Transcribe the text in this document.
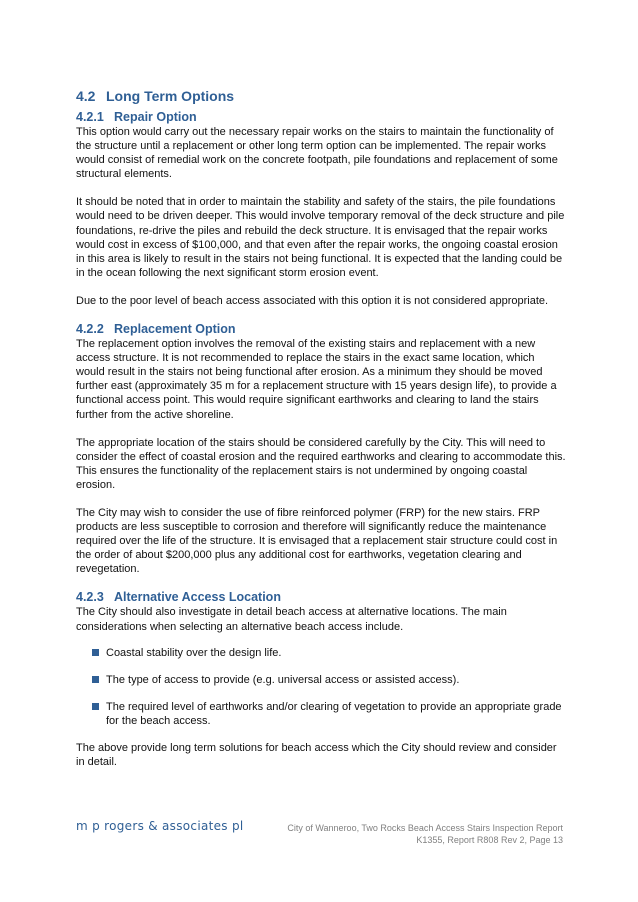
4.2 Long Term Options
4.2.1 Repair Option

This option would carry out the necessary repair works on the stairs to maintain the functionality of the structure until a replacement or other long term option can be implemented. The repair works would consist of remedial work on the concrete footpath, pile foundations and replacement of some structural elements.

It should be noted that in order to maintain the stability and safety of the stairs, the pile foundations would need to be driven deeper. This would involve temporary removal of the deck structure and pile foundations, re-drive the piles and rebuild the deck structure. It is envisaged that the repair works would cost in excess of $100,000, and that even after the repair works, the ongoing coastal erosion in this area is likely to result in the stairs not being functional. It is expected that the landing could be in the ocean following the next significant storm erosion event.

Due to the poor level of beach access associated with this option it is not considered appropriate.

4.2.2 Replacement Option

The replacement option involves the removal of the existing stairs and replacement with a new access structure. It is not recommended to replace the stairs in the exact same location, which would result in the stairs not being functional after erosion. As a minimum they should be moved further east (approximately 35 m for a replacement structure with 15 years design life), to provide a functional access point. This would require significant earthworks and clearing to land the stairs further from the active shoreline.

The appropriate location of the stairs should be considered carefully by the City. This will need to consider the effect of coastal erosion and the required earthworks and clearing to accommodate this. This ensures the functionality of the replacement stairs is not undermined by ongoing coastal erosion.

The City may wish to consider the use of fibre reinforced polymer (FRP) for the new stairs. FRP products are less susceptible to corrosion and therefore will significantly reduce the maintenance required over the life of the structure. It is envisaged that a replacement stair structure could cost in the order of about $200,000 plus any additional cost for earthworks, vegetation clearing and revegetation.

4.2.3 Alternative Access Location

The City should also investigate in detail beach access at alternative locations. The main considerations when selecting an alternative beach access include.

Coastal stability over the design life.
The type of access to provide (e.g. universal access or assisted access).
The required level of earthworks and/or clearing of vegetation to provide an appropriate grade for the beach access.

The above provide long term solutions for beach access which the City should review and consider in detail.

m p rogers & associates pl	City of Wanneroo, Two Rocks Beach Access Stairs Inspection Report
K1355, Report R808 Rev 2, Page 13
